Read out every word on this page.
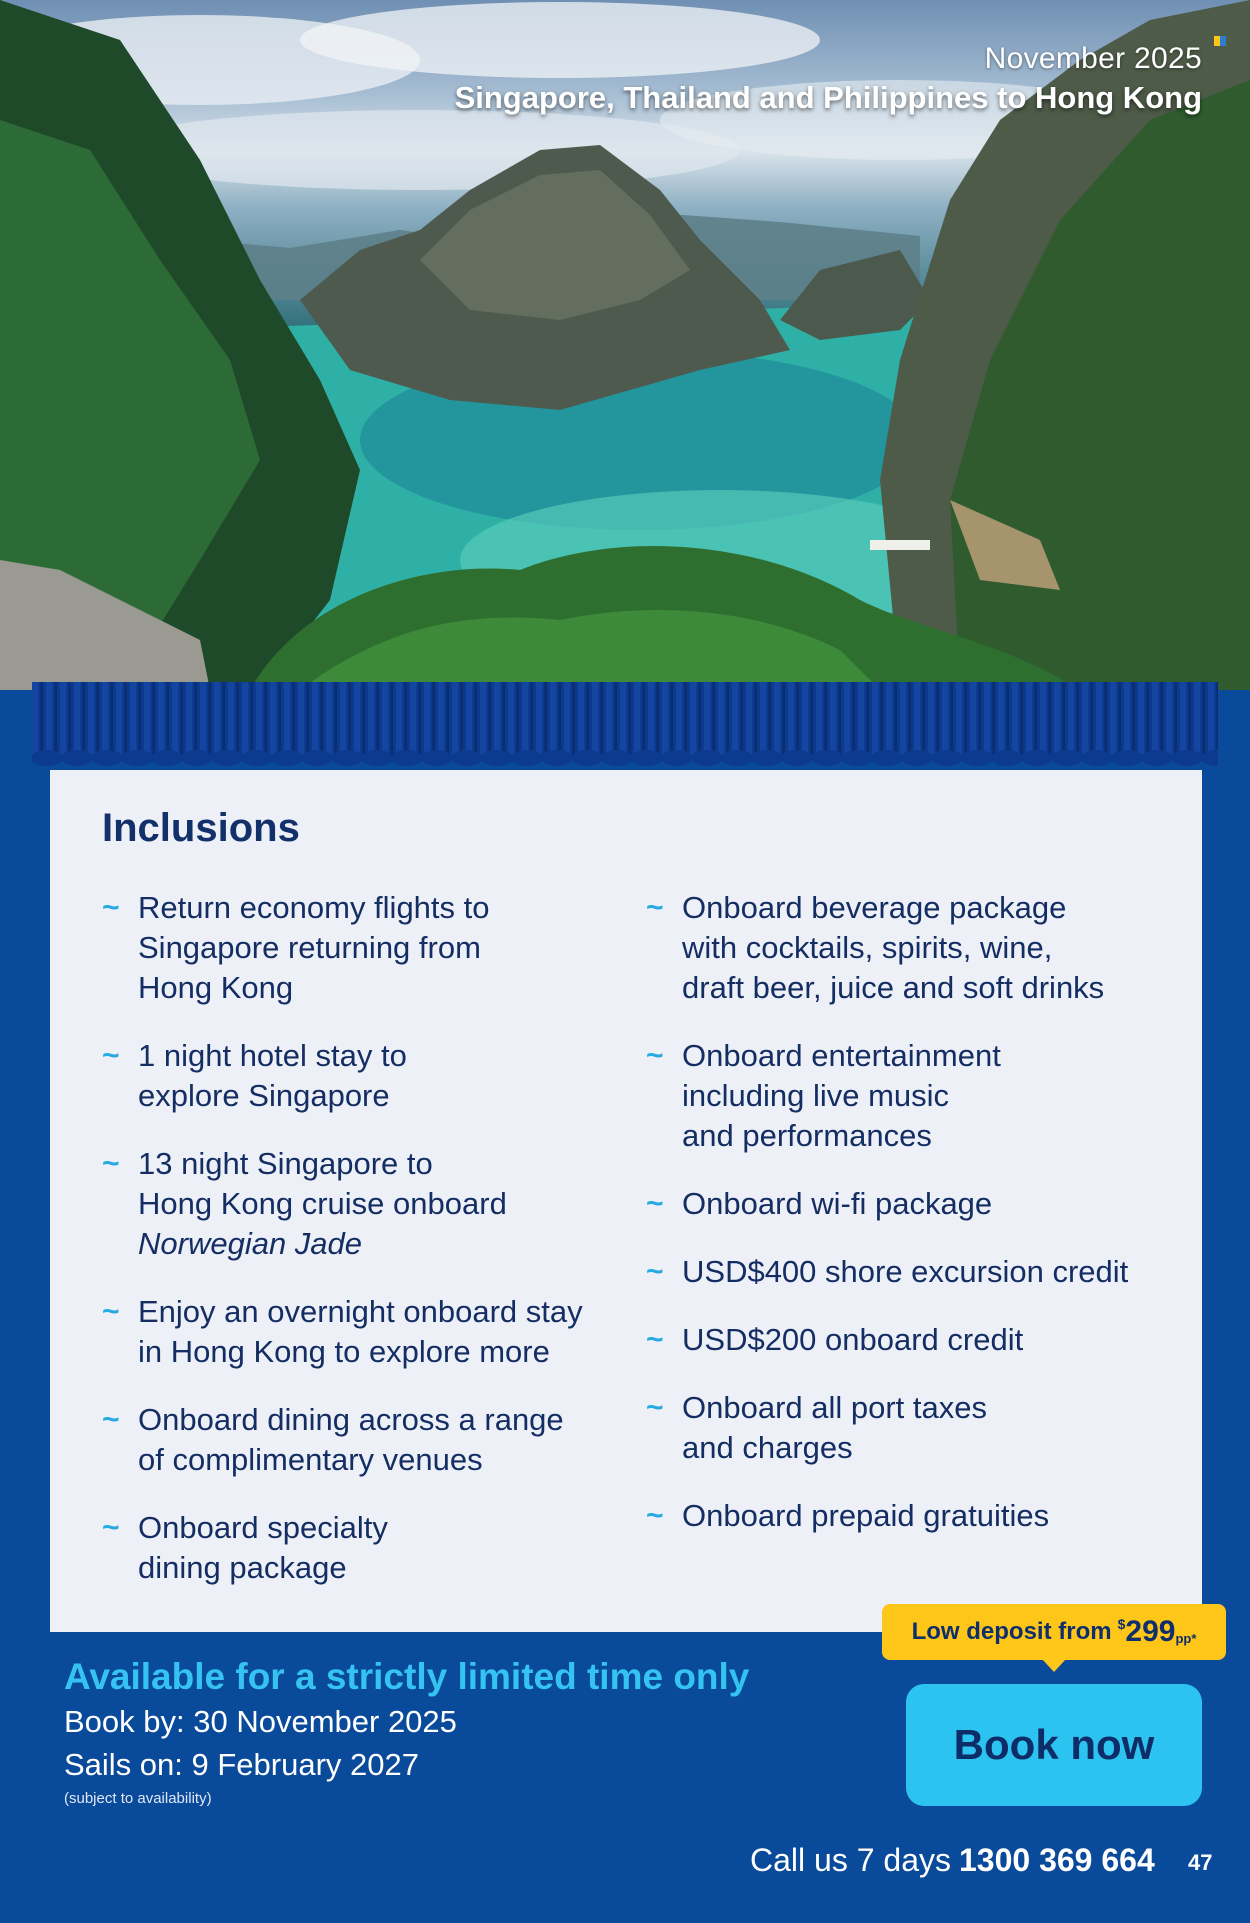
November 2025
Singapore, Thailand and Philippines to Hong Kong
Inclusions
~ Return economy flights to
Singapore returning from
Hong Kong
~ 1 night hotel stay to
explore Singapore
~ 13 night Singapore to
Hong Kong cruise onboard
Norwegian Jade
~ Enjoy an overnight onboard stay
in Hong Kong to explore more
~ Onboard dining across a range
of complimentary venues
~ Onboard specialty
dining package
~ Onboard beverage package
with cocktails, spirits, wine,
draft beer, juice and soft drinks
~ Onboard entertainment
including live music
and performances
~ Onboard wi-fi package
~ USD$400 shore excursion credit
~ USD$200 onboard credit
~ Onboard all port taxes
and charges
~ Onboard prepaid gratuities
Low deposit from $299pp*
Available for a strictly limited time only
Book by: 30 November 2025
Sails on: 9 February 2027
(subject to availability)
Book now
Call us 7 days 1300 369 664 47
